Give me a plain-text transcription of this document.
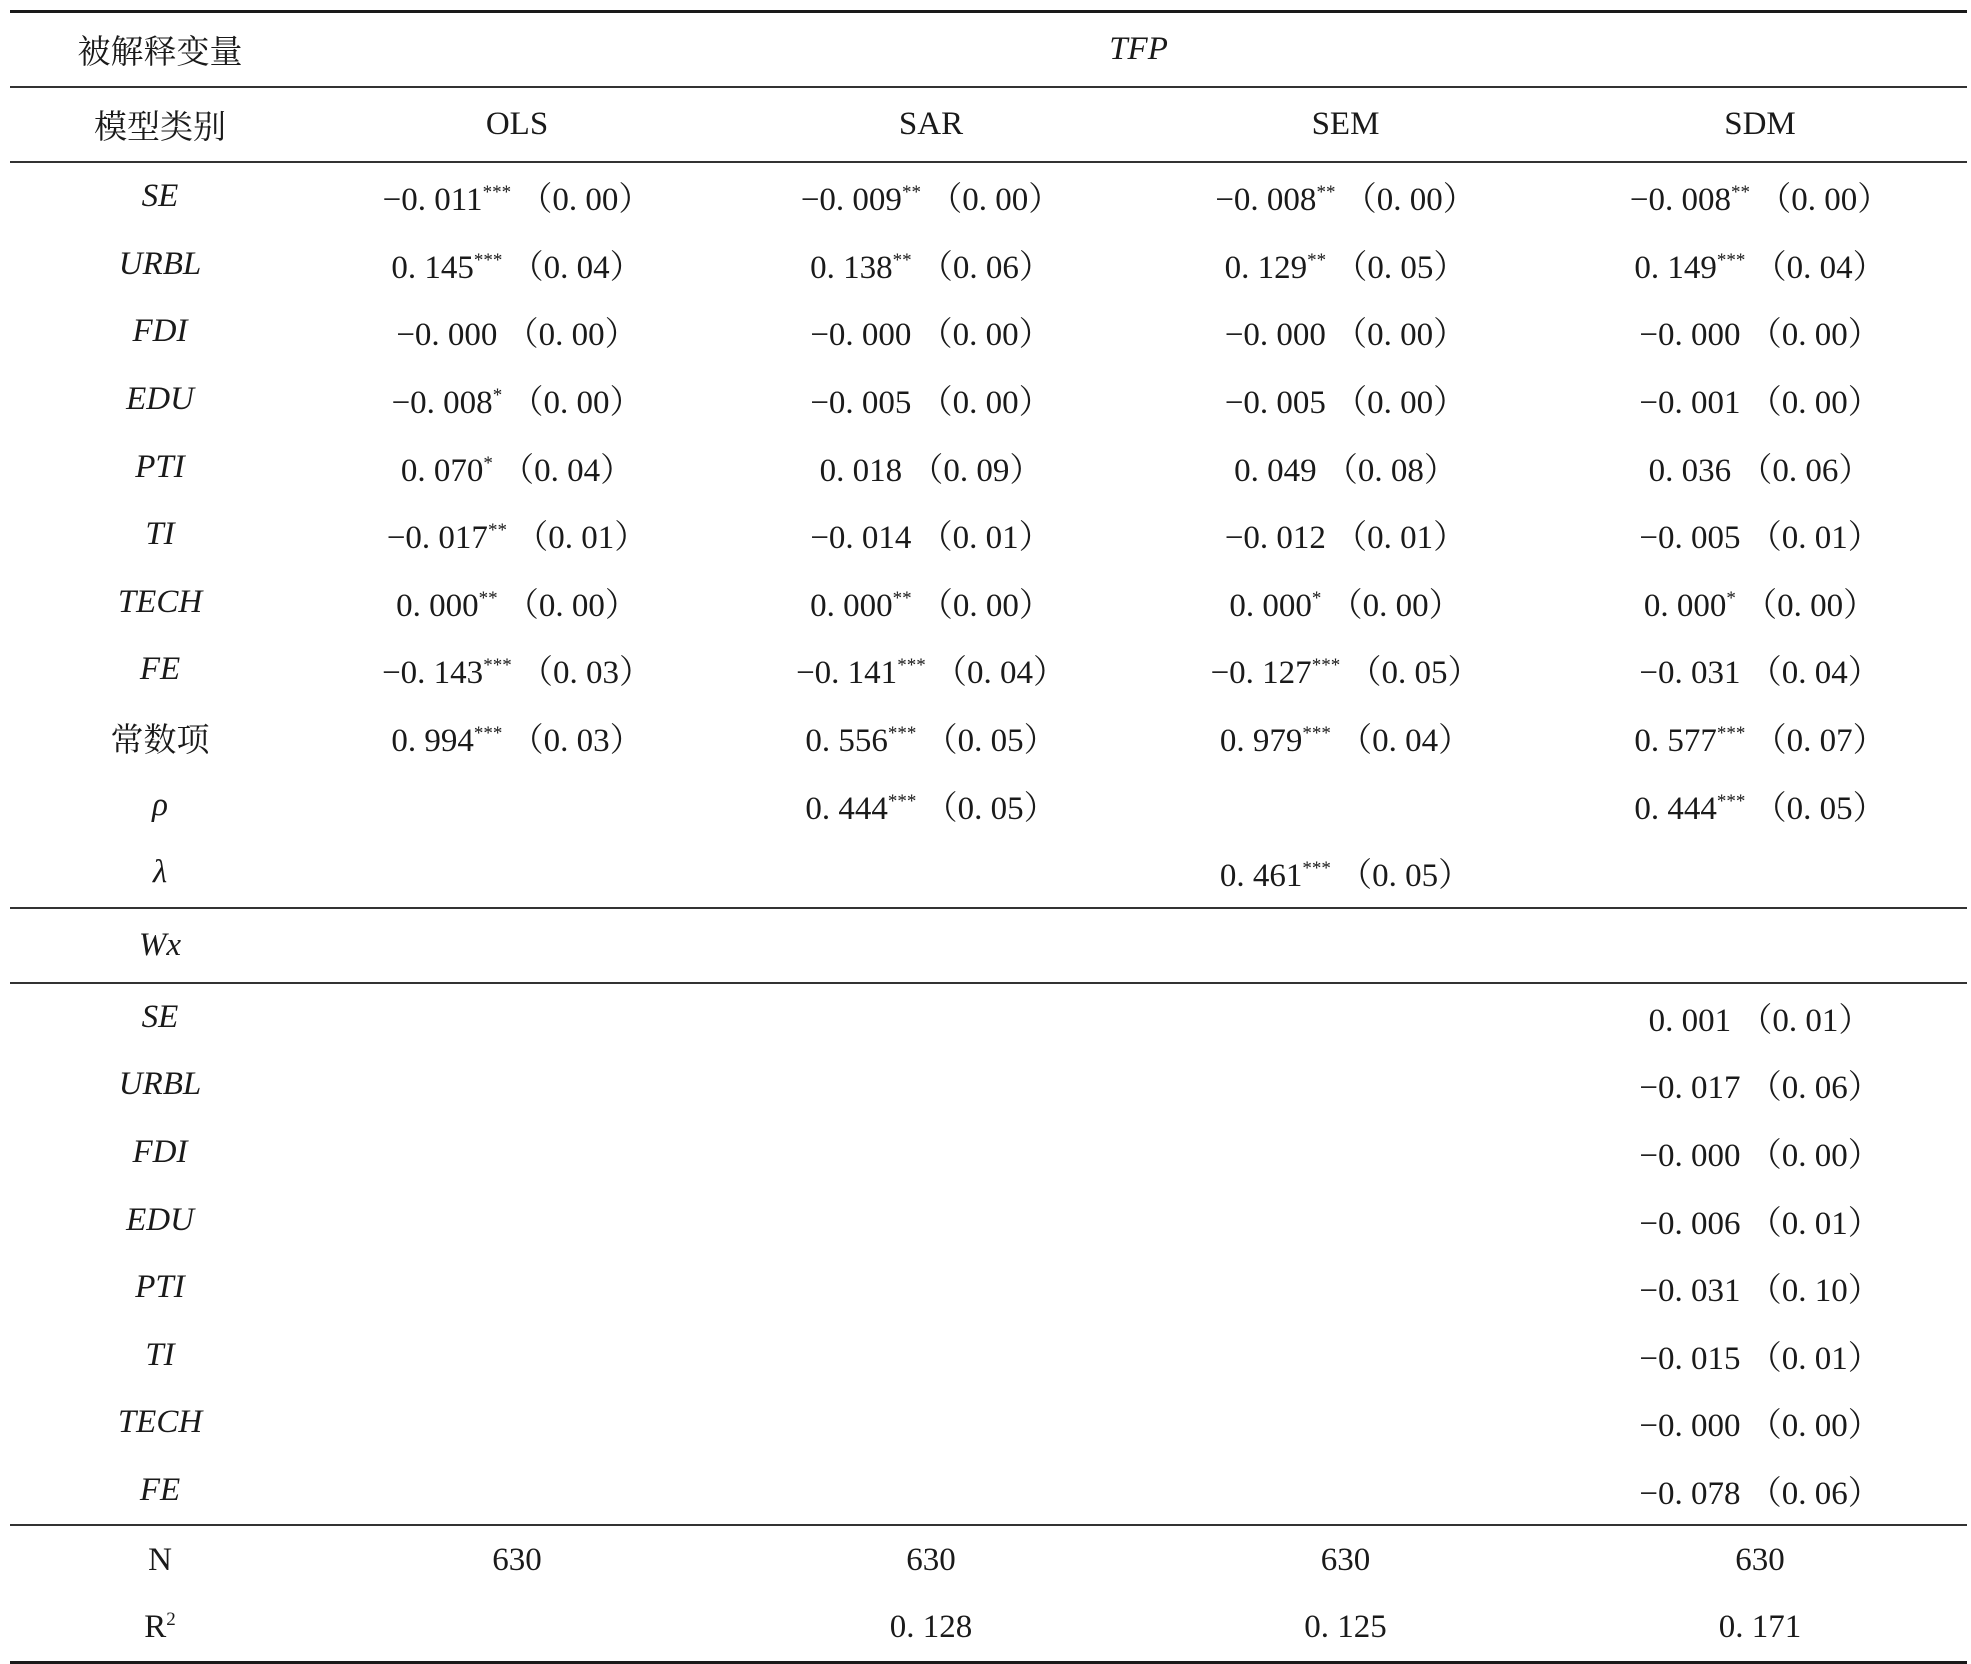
被解释变量	TFP			
模型类别	OLS	SAR	SEM	SDM
SE	−0. 011*** （0. 00）	−0. 009** （0. 00）	−0. 008** （0. 00）	−0. 008** （0. 00）
URBL	0. 145*** （0. 04）	0. 138** （0. 06）	0. 129** （0. 05）	0. 149*** （0. 04）
FDI	−0. 000 （0. 00）	−0. 000 （0. 00）	−0. 000 （0. 00）	−0. 000 （0. 00）
EDU	−0. 008* （0. 00）	−0. 005 （0. 00）	−0. 005 （0. 00）	−0. 001 （0. 00）
PTI	0. 070* （0. 04）	0. 018 （0. 09）	0. 049 （0. 08）	0. 036 （0. 06）
TI	−0. 017** （0. 01）	−0. 014 （0. 01）	−0. 012 （0. 01）	−0. 005 （0. 01）
TECH	0. 000** （0. 00）	0. 000** （0. 00）	0. 000* （0. 00）	0. 000* （0. 00）
FE	−0. 143*** （0. 03）	−0. 141*** （0. 04）	−0. 127*** （0. 05）	−0. 031 （0. 04）
常数项	0. 994*** （0. 03）	0. 556*** （0. 05）	0. 979*** （0. 04）	0. 577*** （0. 07）
ρ		0. 444*** （0. 05）		0. 444*** （0. 05）
λ			0. 461*** （0. 05）	
Wx				
SE				0. 001 （0. 01）
URBL				−0. 017 （0. 06）
FDI				−0. 000 （0. 00）
EDU				−0. 006 （0. 01）
PTI				−0. 031 （0. 10）
TI				−0. 015 （0. 01）
TECH				−0. 000 （0. 00）
FE				−0. 078 （0. 06）
N	630	630	630	630
$R^2$		0. 128	0. 125	0. 171
